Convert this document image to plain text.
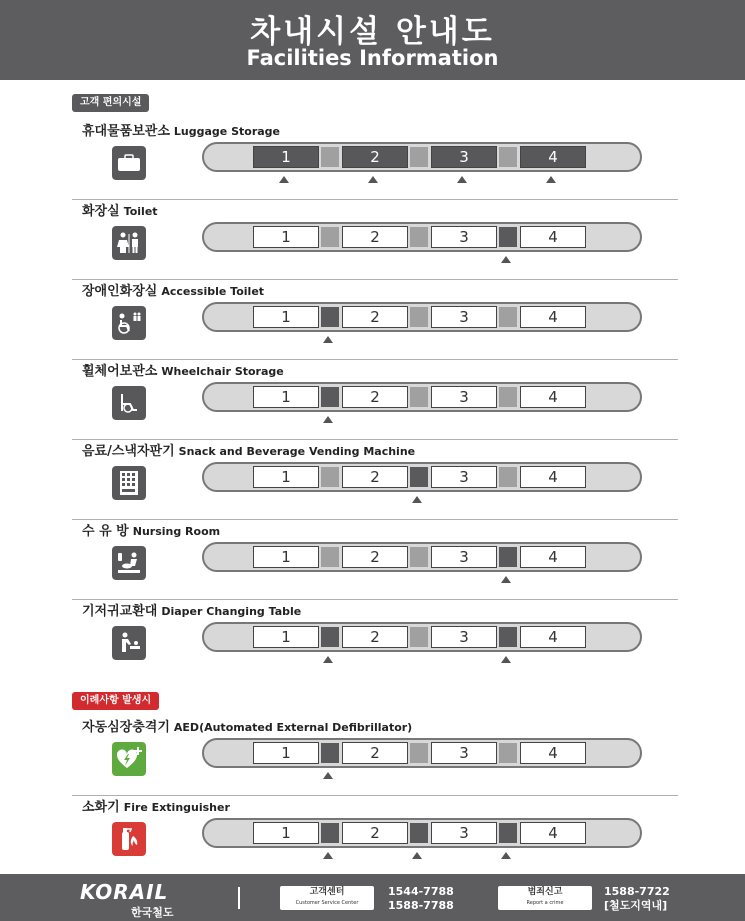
차내시설 안내도
Facilities Information
고객 편의시설
이례사항 발생시
휴대물품보관소 Luggage Storage
1	2	3	4
화장실 Toilet
1	2	3	4
장애인화장실 Accessible Toilet
1	2	3	4
휠체어보관소 Wheelchair Storage
1	2	3	4
음료/스낵자판기 Snack and Beverage Vending Machine
1	2	3	4
수 유 방 Nursing Room
1	2	3	4
기저귀교환대 Diaper Changing Table
1	2	3	4
자동심장충격기 AED(Automated External Defibrillator)
1	2	3	4
소화기 Fire Extinguisher
1	2	3	4
KORAIL
한국철도
고객센터
Customer Service Center
1544-7788
1588-7788
범죄신고
Report a crime
1588-7722
[철도지역내]
